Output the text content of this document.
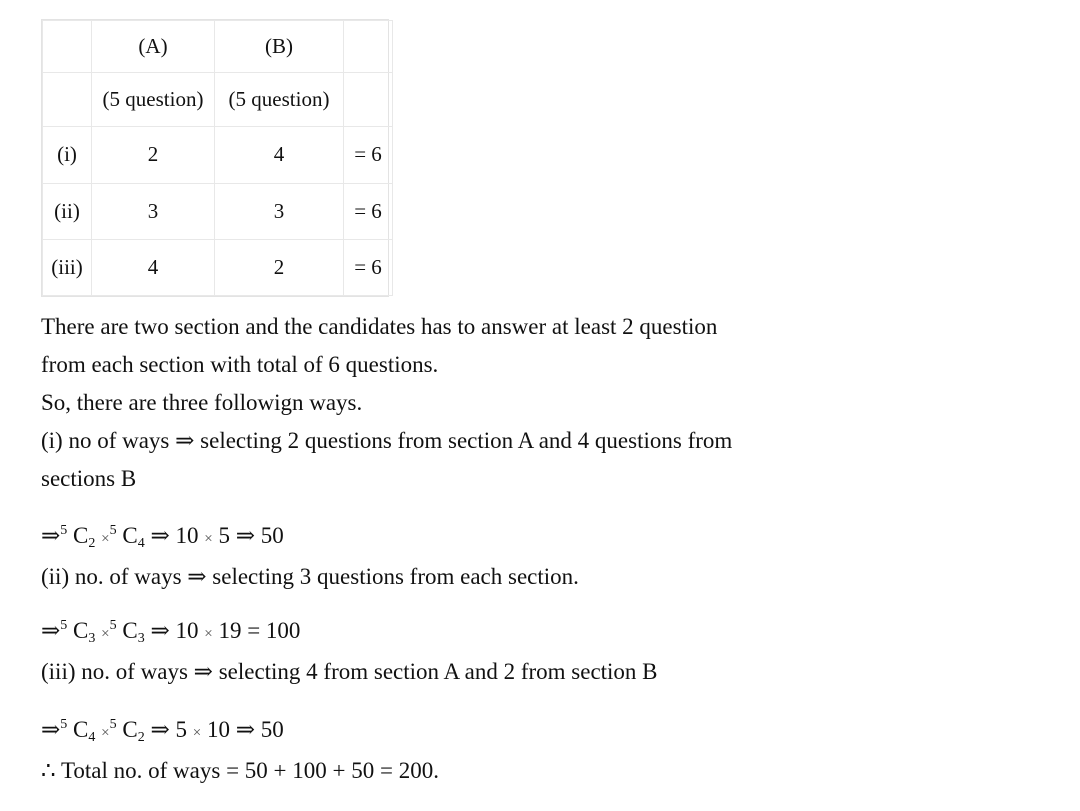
	(A)	(B)	
	(5 question)	(5 question)	
(i)	2	4	= 6
(ii)	3	3	= 6
(iii)	4	2	= 6

There are two section and the candidates has to answer at least 2 question

from each section with total of 6 questions.

So, there are three followign ways.

(i) no of ways ⇒ selecting 2 questions from section A and 4 questions from

sections B

⇒$^5$ $C_2 \times^5$ $C_4$ ⇒ 10 × 5 ⇒ 50
(ii) no. of ways ⇒ selecting 3 questions from each section.
⇒$^5$ $C_3 \times^5$ $C_3$ ⇒ 10 × 19 = 100
(iii) no. of ways ⇒ selecting 4 from section A and 2 from section B
⇒$^5$ $C_4 \times^5$ $C_2$ ⇒ 5 × 10 ⇒ 50
∴ Total no. of ways = 50 + 100 + 50 = 200.
